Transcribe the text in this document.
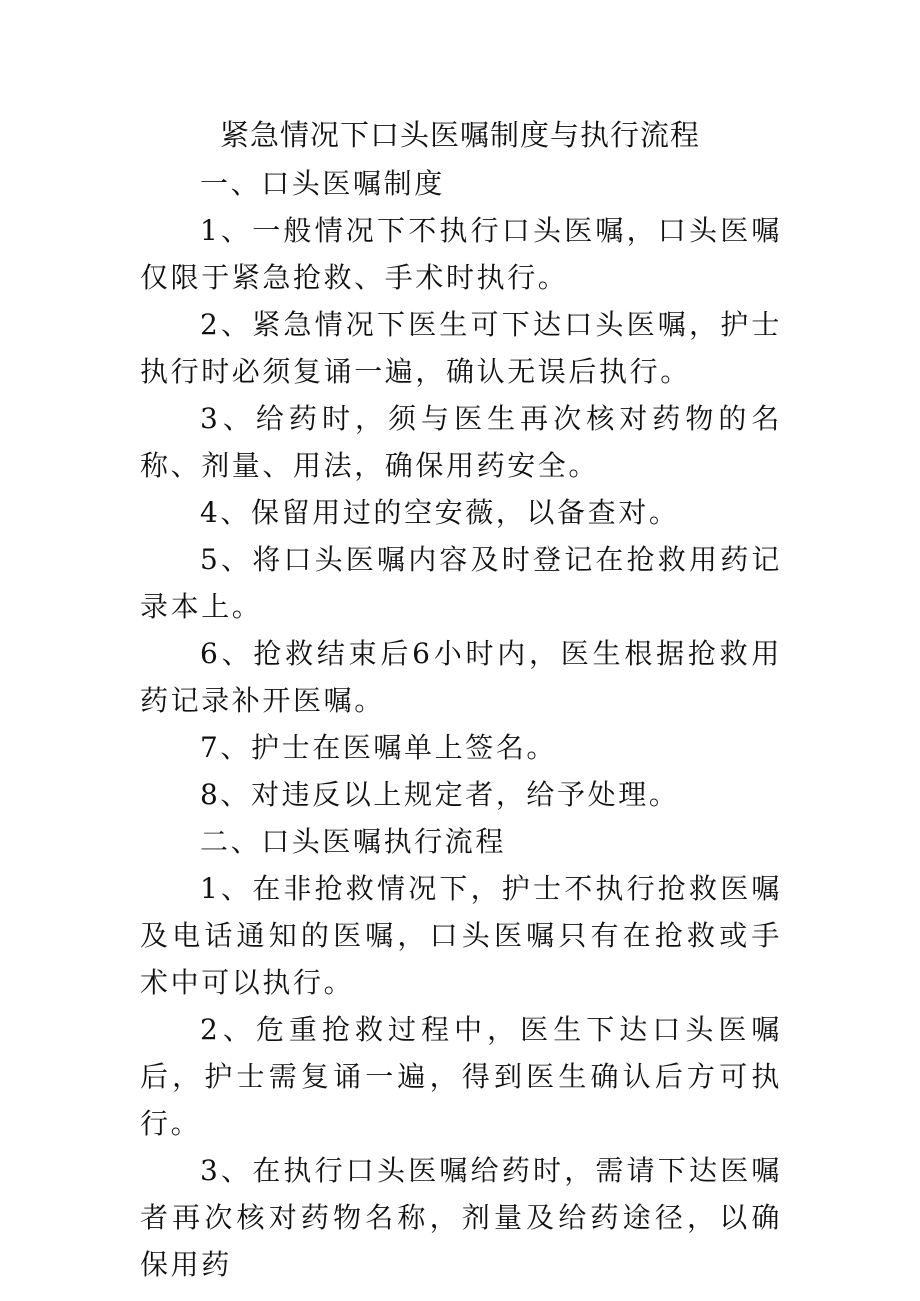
紧急情况下口头医嘱制度与执行流程

一、口头医嘱制度

1、一般情况下不执行口头医嘱，口头医嘱仅限于紧急抢救、手术时执行。

2、紧急情况下医生可下达口头医嘱，护士执行时必须复诵一遍，确认无误后执行。

3、给药时，须与医生再次核对药物的名称、剂量、用法，确保用药安全。

4、保留用过的空安薇，以备查对。

5、将口头医嘱内容及时登记在抢救用药记录本上。

6、抢救结束后6小时内，医生根据抢救用药记录补开医嘱。

7、护士在医嘱单上签名。

8、对违反以上规定者，给予处理。

二、口头医嘱执行流程

1、在非抢救情况下，护士不执行抢救医嘱及电话通知的医嘱，口头医嘱只有在抢救或手术中可以执行。

2、危重抢救过程中，医生下达口头医嘱后，护士需复诵一遍，得到医生确认后方可执行。

3、在执行口头医嘱给药时，需请下达医嘱者再次核对药物名称，剂量及给药途径，以确保用药
